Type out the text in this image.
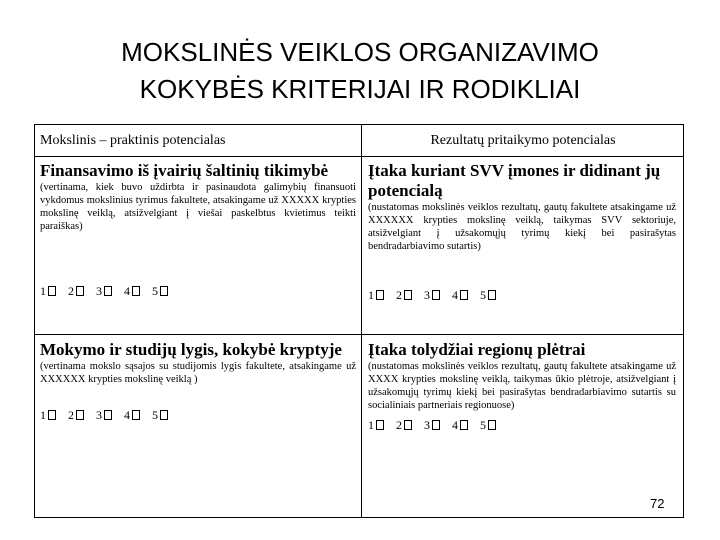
MOKSLINĖS VEIKLOS ORGANIZAVIMO
KOKYBĖS KRITERIJAI IR RODIKLIAI
Mokslinis – praktinis potencialas	Rezultatų pritaikymo potencialas
Finansavimo iš įvairių šaltinių tikimybė
(vertinama, kiek buvo uždirbta ir pasinaudota galimybių finansuoti vykdomus mokslinius tyrimus fakultete, atsakingame už XXXXX krypties mokslinę veiklą, atsižvelgiant į viešai paskelbtus kvietimus teikti paraiškas)
1 2 3 4 5
Įtaka kuriant SVV įmones ir didinant jų potencialą
(nustatomas mokslinės veiklos rezultatų, gautų fakultete atsakingame už XXXXXX krypties mokslinę veiklą, taikymas SVV sektoriuje, atsižvelgiant į užsakomųjų tyrimų kiekį bei pasirašytas bendradarbiavimo sutartis)
1 2 3 4 5
Mokymo ir studijų lygis, kokybė kryptyje
(vertinama mokslo sąsajos su studijomis lygis fakultete, atsakingame už XXXXXX krypties mokslinę veiklą )
1 2 3 4 5
Įtaka tolydžiai regionų plėtrai
(nustatomas mokslinės veiklos rezultatų, gautų fakultete atsakingame už XXXX krypties mokslinę veiklą, taikymas ūkio plėtroje, atsižvelgiant į užsakomųjų tyrimų kiekį bei pasirašytas bendradarbiavimo sutartis su socialiniais partneriais regionuose)
1 2 3 4 5
72
